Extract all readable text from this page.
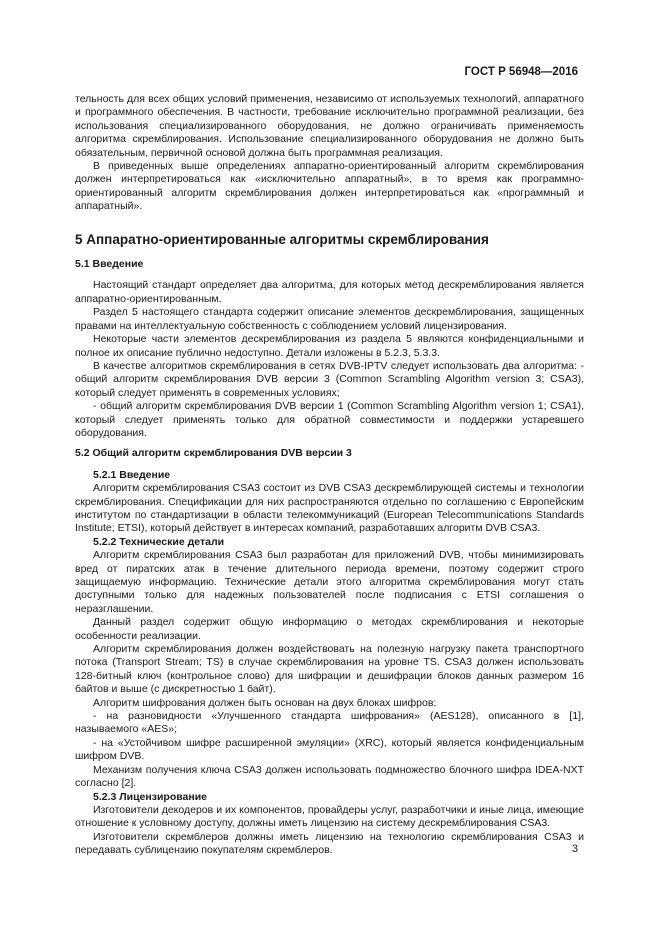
ГОСТ Р 56948—2016

тельность для всех общих условий применения, независимо от используемых технологий, аппаратного и программного обеспечения. В частности, требование исключительно программной реализации, без использования специализированного оборудования, не должно ограничивать применяемость алгоритма скремблирования. Использование специализированного оборудования не должно быть обязательным, первичной основой должна быть программная реализация.

В приведенных выше определениях аппаратно-ориентированный алгоритм скремблирования должен интерпретироваться как «исключительно аппаратный», в то время как программно-ориентированный алгоритм скремблирования должен интерпретироваться как «программный и аппаратный».

5 Аппаратно-ориентированные алгоритмы скремблирования

5.1 Введение

Настоящий стандарт определяет два алгоритма, для которых метод дескремблирования является аппаратно-ориентированным.

Раздел 5 настоящего стандарта содержит описание элементов дескремблирования, защищенных правами на интеллектуальную собственность с соблюдением условий лицензирования.

Некоторые части элементов дескремблирования из раздела 5 являются конфиденциальными и полное их описание публично недоступно. Детали изложены в 5.2.3, 5.3.3.

В качестве алгоритмов скремблирования в сетях DVB-IPTV следует использовать два алгоритма: - общий алгоритм скремблирования DVB версии 3 (Common Scrambling Algorithm version 3; CSA3), который следует применять в современных условиях;

- общий алгоритм скремблирования DVB версии 1 (Common Scrambling Algorithm version 1; CSA1), который следует применять только для обратной совместимости и поддержки устаревшего оборудования.

5.2 Общий алгоритм скремблирования DVB версии 3

5.2.1 Введение

Алгоритм скремблирования CSA3 состоит из DVB CSA3 дескремблирующей системы и технологии скремблирования. Спецификации для них распространяются отдельно по соглашению с Европейским институтом по стандартизации в области телекоммуникаций (European Telecommunications Standards Institute; ETSI), который действует в интересах компаний, разработавших алгоритм DVB CSA3.

5.2.2 Технические детали

Алгоритм скремблирования CSA3 был разработан для приложений DVB, чтобы минимизировать вред от пиратских атак в течение длительного периода времени, поэтому содержит строго защищаемую информацию. Технические детали этого алгоритма скремблирования могут стать доступными только для надежных пользователей после подписания с ETSI соглашения о неразглашении.

Данный раздел содержит общую информацию о методах скремблирования и некоторые особенности реализации.

Алгоритм скремблирования должен воздействовать на полезную нагрузку пакета транспортного потока (Transport Stream; TS) в случае скремблирования на уровне TS. CSA3 должен использовать 128-битный ключ (контрольное слово) для шифрации и дешифрации блоков данных размером 16 байтов и выше (с дискретностью 1 байт).

Алгоритм шифрования должен быть основан на двух блоках шифров:

- на разновидности «Улучшенного стандарта шифрования» (AES128), описанного в [1], называемого «AES»;

- на «Устойчивом шифре расширенной эмуляции» (XRC), который является конфиденциальным шифром DVB.

Механизм получения ключа CSA3 должен использовать подмножество блочного шифра IDEA-NXT согласно [2].

5.2.3 Лицензирование

Изготовители декодеров и их компонентов, провайдеры услуг, разработчики и иные лица, имеющие отношение к условному доступу, должны иметь лицензию на систему дескремблирования CSA3.

Изготовители скремблеров должны иметь лицензию на технологию скремблирования CSA3 и передавать сублицензию покупателям скремблеров.	3
